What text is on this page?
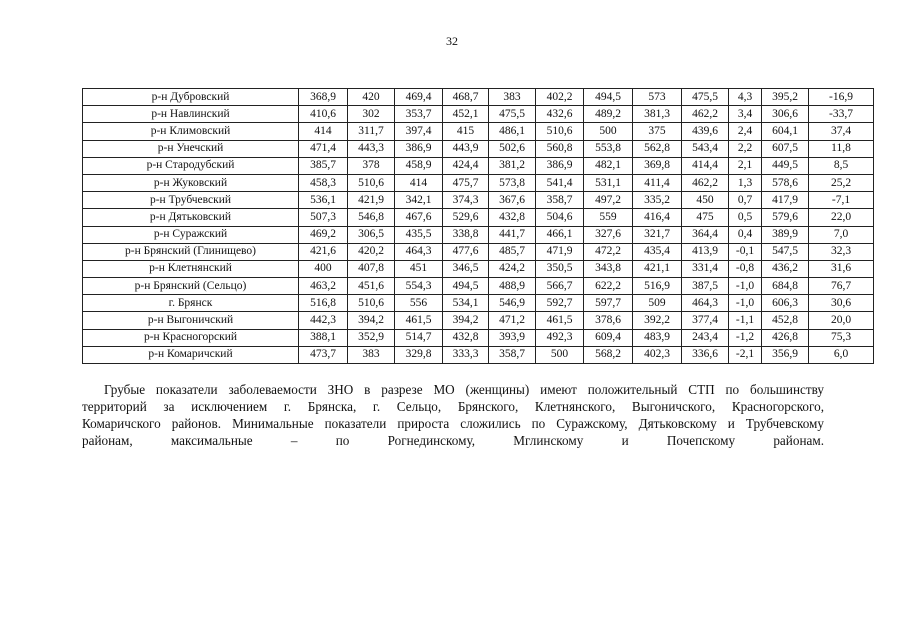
32
р-н Дубровский	368,9	420	469,4	468,7	383	402,2	494,5	573	475,5	4,3	395,2	-16,9
р-н Навлинский	410,6	302	353,7	452,1	475,5	432,6	489,2	381,3	462,2	3,4	306,6	-33,7
р-н Климовский	414	311,7	397,4	415	486,1	510,6	500	375	439,6	2,4	604,1	37,4
р-н Унечский	471,4	443,3	386,9	443,9	502,6	560,8	553,8	562,8	543,4	2,2	607,5	11,8
р-н Стародубский	385,7	378	458,9	424,4	381,2	386,9	482,1	369,8	414,4	2,1	449,5	8,5
р-н Жуковский	458,3	510,6	414	475,7	573,8	541,4	531,1	411,4	462,2	1,3	578,6	25,2
р-н Трубчевский	536,1	421,9	342,1	374,3	367,6	358,7	497,2	335,2	450	0,7	417,9	-7,1
р-н Дятьковский	507,3	546,8	467,6	529,6	432,8	504,6	559	416,4	475	0,5	579,6	22,0
р-н Суражский	469,2	306,5	435,5	338,8	441,7	466,1	327,6	321,7	364,4	0,4	389,9	7,0
р-н Брянский (Глинищево)	421,6	420,2	464,3	477,6	485,7	471,9	472,2	435,4	413,9	-0,1	547,5	32,3
р-н Клетнянский	400	407,8	451	346,5	424,2	350,5	343,8	421,1	331,4	-0,8	436,2	31,6
р-н Брянский (Сельцо)	463,2	451,6	554,3	494,5	488,9	566,7	622,2	516,9	387,5	-1,0	684,8	76,7
г. Брянск	516,8	510,6	556	534,1	546,9	592,7	597,7	509	464,3	-1,0	606,3	30,6
р-н Выгоничский	442,3	394,2	461,5	394,2	471,2	461,5	378,6	392,2	377,4	-1,1	452,8	20,0
р-н Красногорский	388,1	352,9	514,7	432,8	393,9	492,3	609,4	483,9	243,4	-1,2	426,8	75,3
р-н Комаричский	473,7	383	329,8	333,3	358,7	500	568,2	402,3	336,6	-2,1	356,9	6,0

Грубые показатели заболеваемости ЗНО в разрезе МО (женщины) имеют положительный СТП по большинству
территорий за исключением г. Брянска, г. Сельцо, Брянского, Клетнянского, Выгоничского, Красногорского,
Комаричского районов. Минимальные показатели прироста сложились по Суражскому, Дятьковскому и Трубчевскому
районам, максимальные – по Рогнединскому, Мглинскому и Почепскому районам.
